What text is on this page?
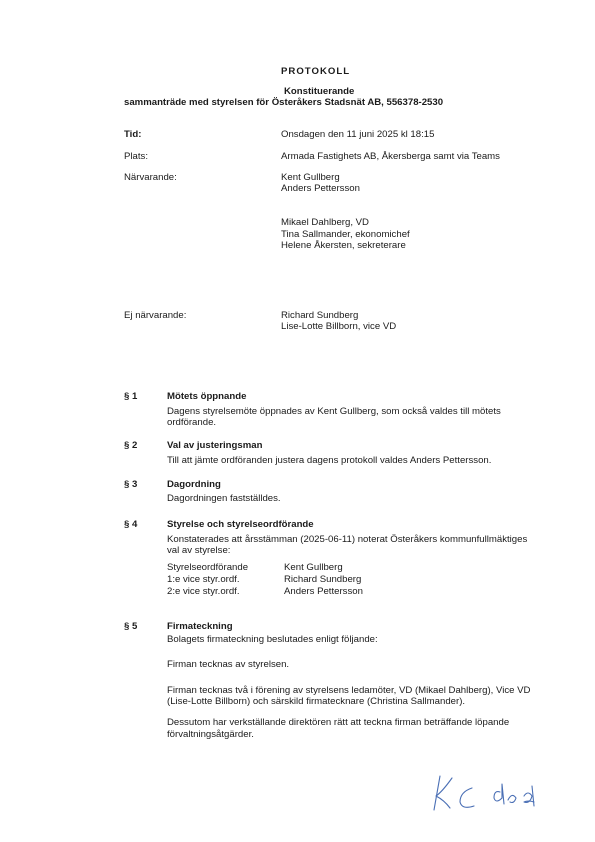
PROTOKOLL
Konstituerande
sammanträde med styrelsen för Österåkers Stadsnät AB, 556378-2530
Tid:	Onsdagen den 11 juni 2025 kl 18:15
Plats:	Armada Fastighets AB, Åkersberga samt via Teams
Närvarande:	Kent Gullberg
Anders Pettersson
Mikael Dahlberg, VD
Tina Sallmander, ekonomichef
Helene Åkersten, sekreterare
Ej närvarande:	Richard Sundberg
Lise-Lotte Billborn, vice VD
§ 1	Mötets öppnande
Dagens styrelsemöte öppnades av Kent Gullberg, som också valdes till mötets
ordförande.
§ 2	Val av justeringsman
Till att jämte ordföranden justera dagens protokoll valdes Anders Pettersson.
§ 3	Dagordning
Dagordningen fastställdes.
§ 4	Styrelse och styrelseordförande
Konstaterades att årsstämman (2025-06-11) noterat Österåkers kommunfullmäktiges
val av styrelse:
Styrelseordförande	Kent Gullberg
1:e vice styr.ordf.	Richard Sundberg
2:e vice styr.ordf.	Anders Pettersson
§ 5	Firmateckning
Bolagets firmateckning beslutades enligt följande:
Firman tecknas av styrelsen.
Firman tecknas två i förening av styrelsens ledamöter, VD (Mikael Dahlberg), Vice VD
(Lise-Lotte Billborn) och särskild firmatecknare (Christina Sallmander).
Dessutom har verkställande direktören rätt att teckna firman beträffande löpande
förvaltningsåtgärder.
